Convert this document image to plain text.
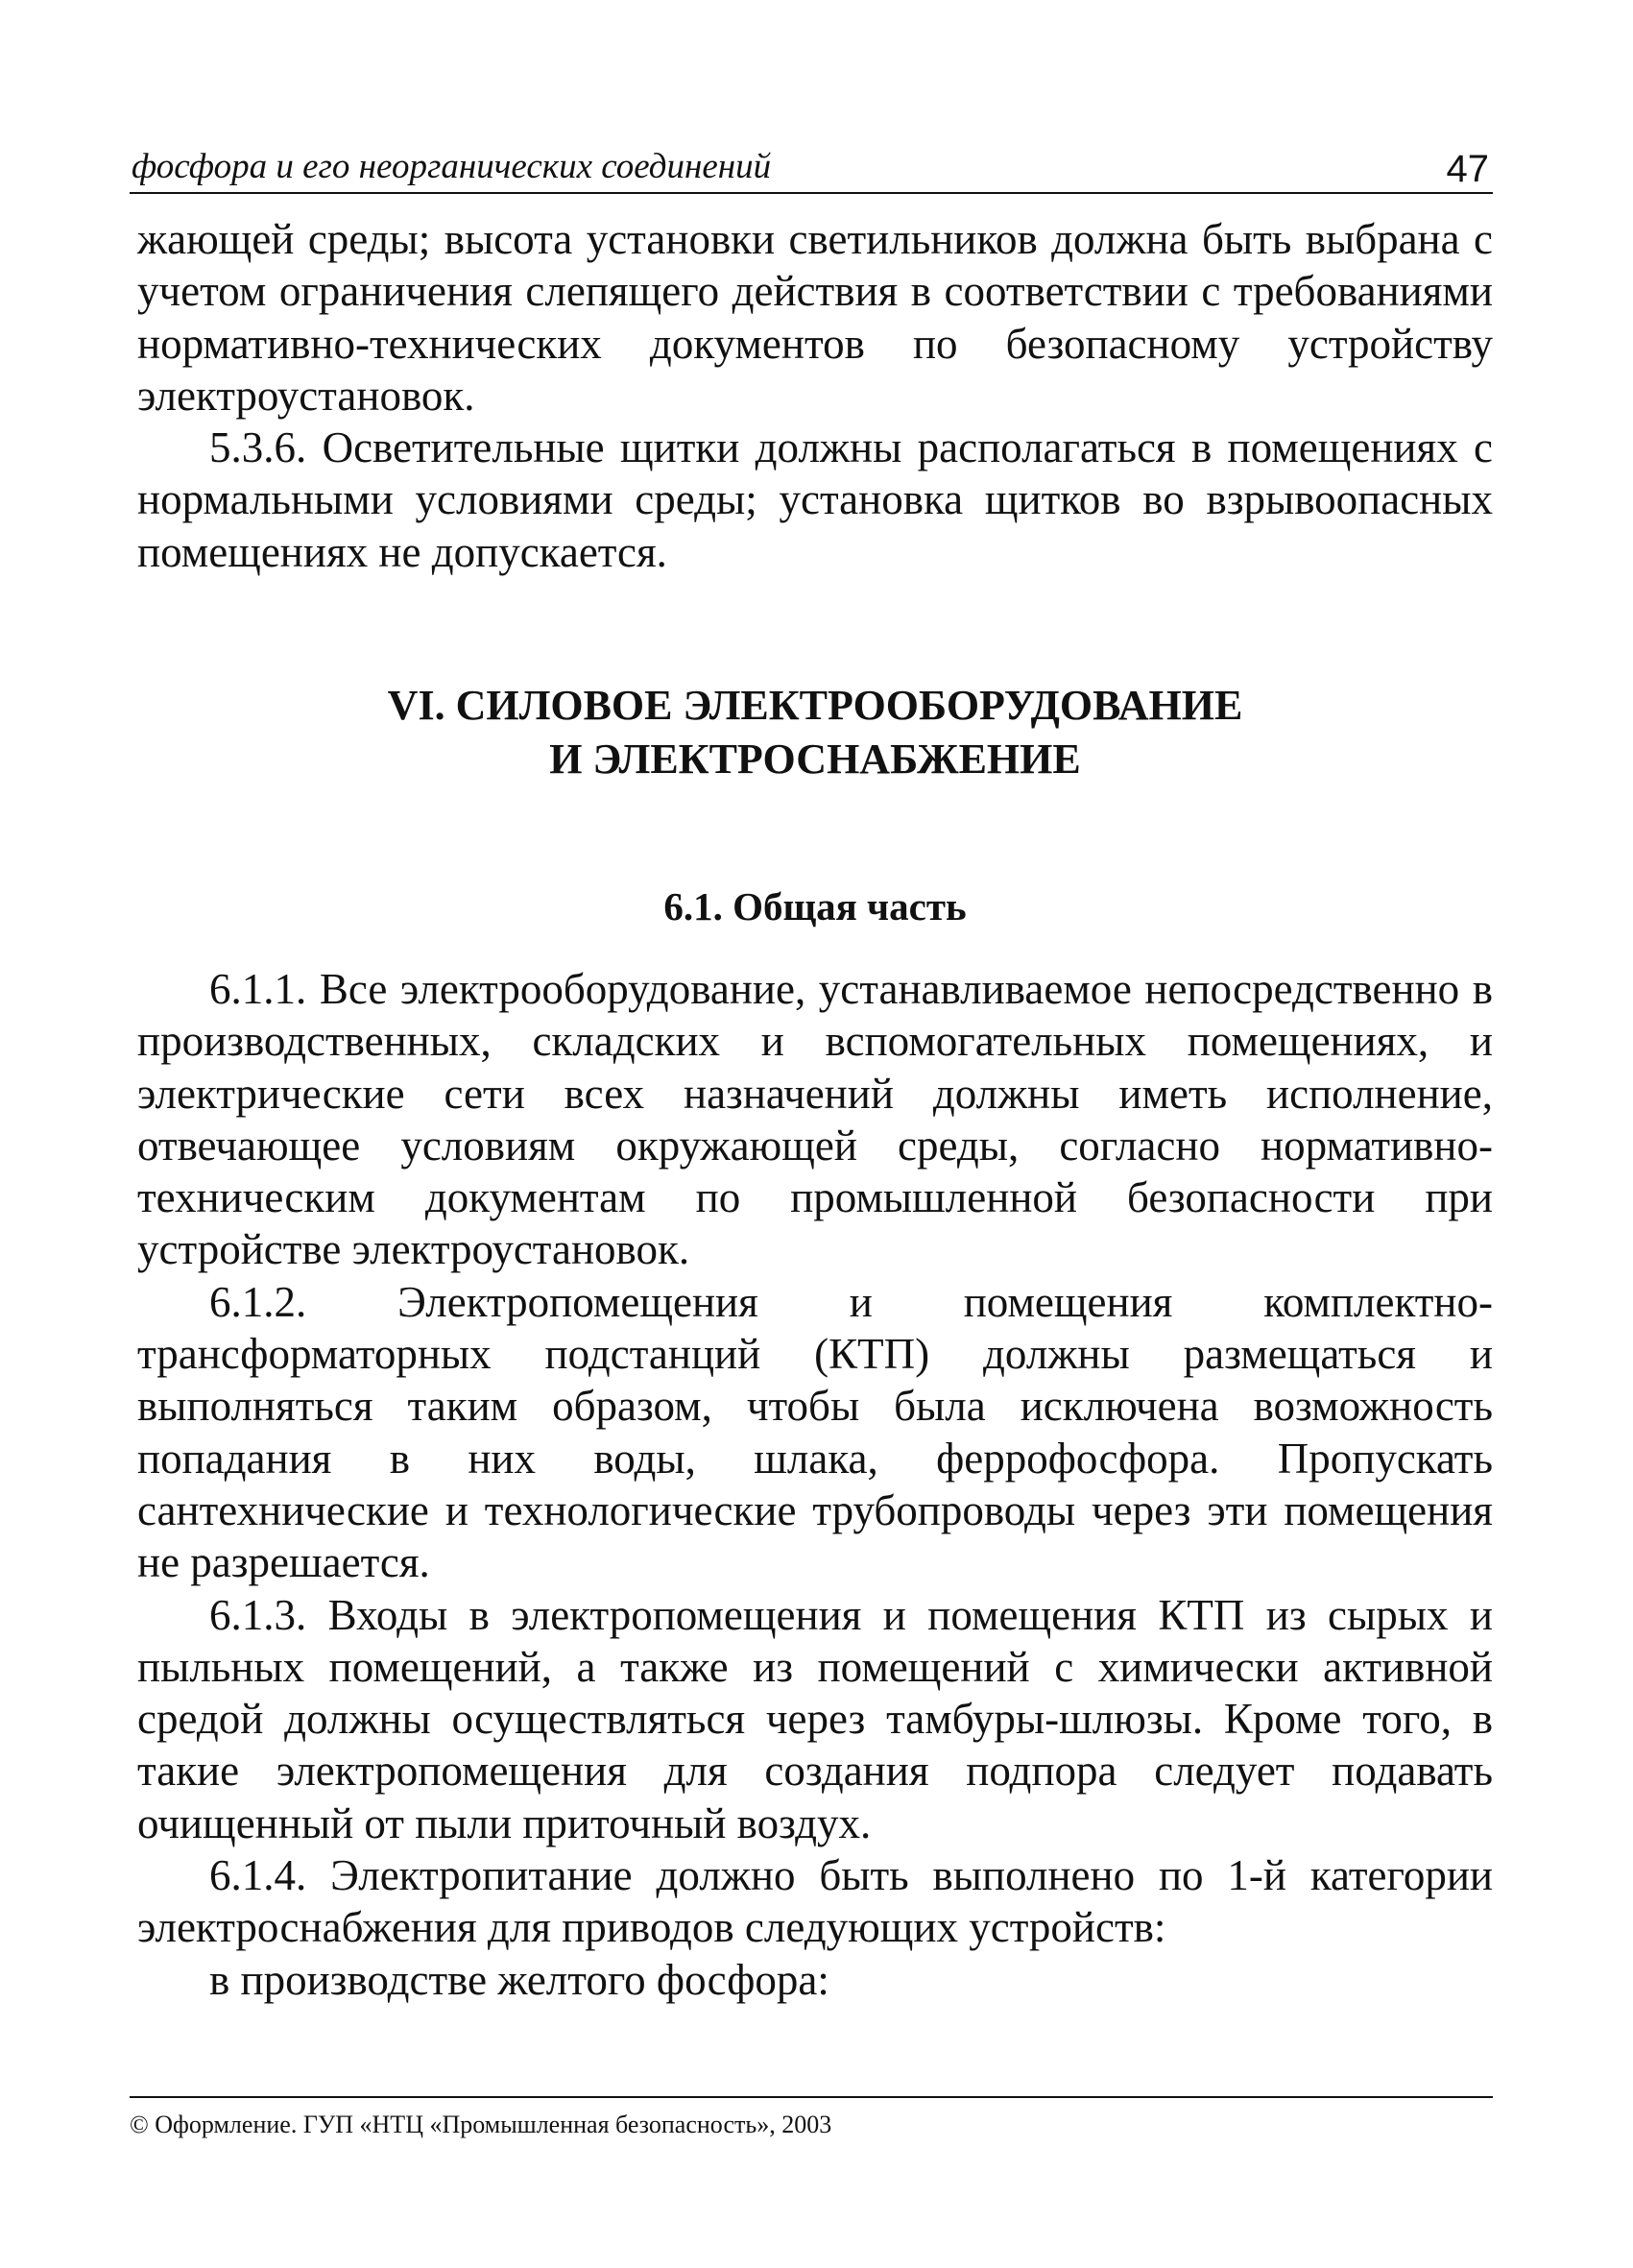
фосфора и его неорганических соединений	47

жающей среды; высота установки светильников должна быть выбрана с учетом ограничения слепящего действия в соответствии с требованиями нормативно-технических документов по безопасному устройству электроустановок.

5.3.6. Осветительные щитки должны располагаться в помещениях с нормальными условиями среды; установка щитков во взрывоопасных помещениях не допускается.

VI. СИЛОВОЕ ЭЛЕКТРООБОРУДОВАНИЕ
И ЭЛЕКТРОСНАБЖЕНИЕ
6.1. Общая часть

6.1.1. Все электрооборудование, устанавливаемое непосредственно в производственных, складских и вспомогательных помещениях, и электрические сети всех назначений должны иметь исполнение, отвечающее условиям окружающей среды, согласно нормативно-техническим документам по промышленной безопасности при устройстве электроустановок.

6.1.2. Электропомещения и помещения комплектно-трансформаторных подстанций (КТП) должны размещаться и выполняться таким образом, чтобы была исключена возможность попадания в них воды, шлака, феррофосфора. Пропускать сантехнические и технологические трубопроводы через эти помещения не разрешается.

6.1.3. Входы в электропомещения и помещения КТП из сырых и пыльных помещений, а также из помещений с химически активной средой должны осуществляться через тамбуры-шлюзы. Кроме того, в такие электропомещения для создания подпора следует подавать очищенный от пыли приточный воздух.

6.1.4. Электропитание должно быть выполнено по 1-й категории электроснабжения для приводов следующих устройств:

в производстве желтого фосфора:

© Оформление. ГУП «НТЦ «Промышленная безопасность», 2003
